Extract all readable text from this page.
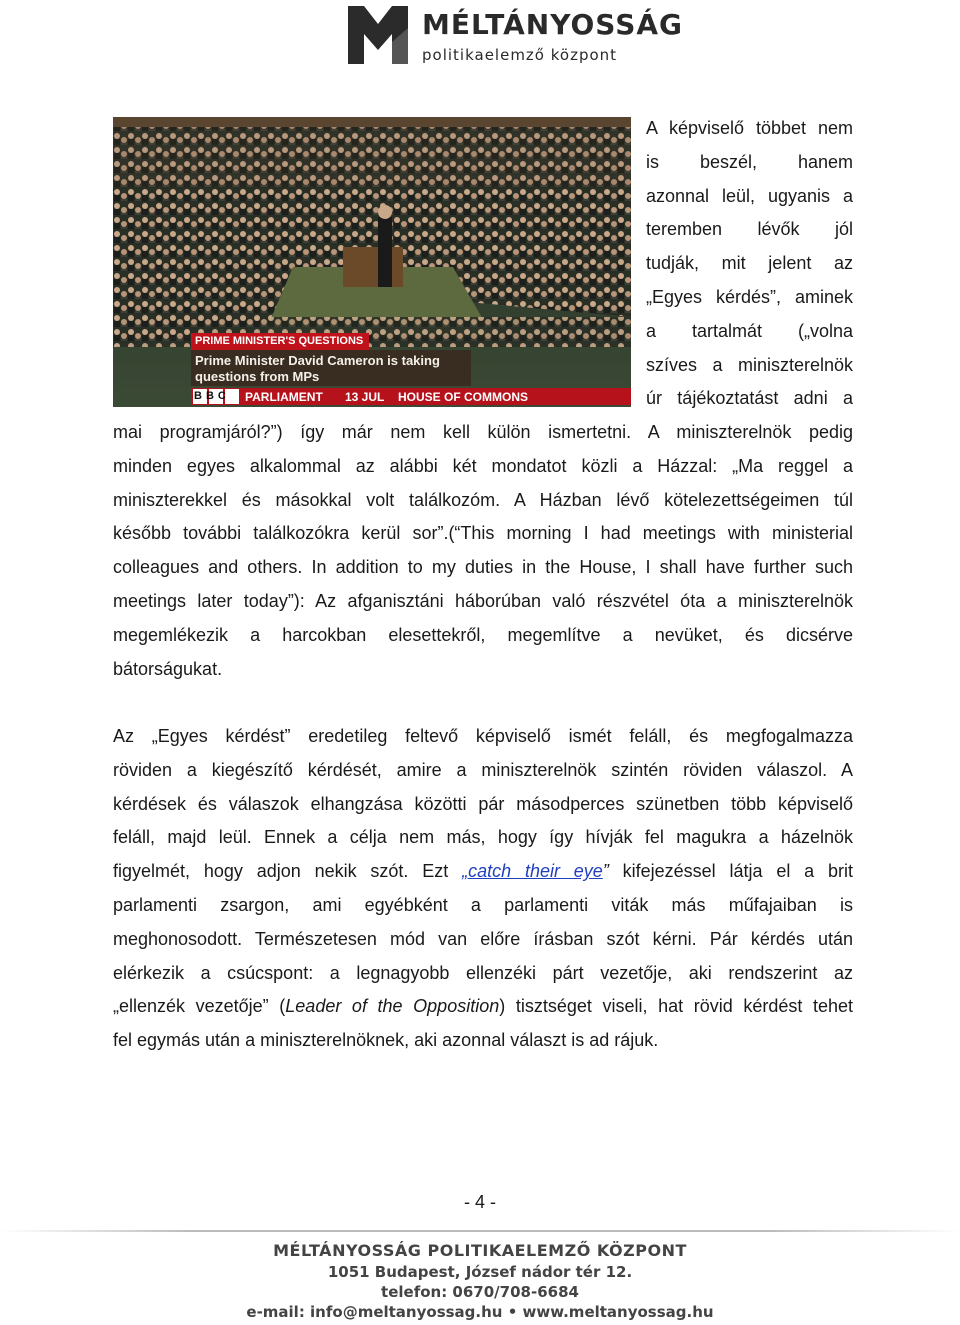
MÉLTÁNYOSSÁG
politikaelemző központ
PRIME MINISTER'S QUESTIONS
Prime Minister David Cameron is taking
questions from MPs
BBC PARLIAMENT 13 JUL HOUSE OF COMMONS
A képviselő többet nem
is beszél, hanem
azonnal leül, ugyanis a
teremben lévők jól
tudják, mit jelent az
„Egyes kérdés”, aminek
a tartalmát („volna
szíves a miniszterelnök
úr tájékoztatást adni a
mai programjáról?”) így már nem kell külön ismertetni. A miniszterelnök pedig
minden egyes alkalommal az alábbi két mondatot közli a Házzal: „Ma reggel a
miniszterekkel és másokkal volt találkozóm. A Házban lévő kötelezettségeimen túl
később további találkozókra kerül sor”.(“This morning I had meetings with ministerial
colleagues and others. In addition to my duties in the House, I shall have further such
meetings later today”): Az afganisztáni háborúban való részvétel óta a miniszterelnök
megemlékezik a harcokban elesettekről, megemlítve a nevüket, és dicsérve
bátorságukat.
Az „Egyes kérdést” eredetileg feltevő képviselő ismét feláll, és megfogalmazza
röviden a kiegészítő kérdését, amire a miniszterelnök szintén röviden válaszol. A
kérdések és válaszok elhangzása közötti pár másodperces szünetben több képviselő
feláll, majd leül. Ennek a célja nem más, hogy így hívják fel magukra a házelnök
figyelmét, hogy adjon nekik szót. Ezt „catch their eye” kifejezéssel látja el a brit
parlamenti zsargon, ami egyébként a parlamenti viták más műfajaiban is
meghonosodott. Természetesen mód van előre írásban szót kérni. Pár kérdés után
elérkezik a csúcspont: a legnagyobb ellenzéki párt vezetője, aki rendszerint az
„ellenzék vezetője” (Leader of the Opposition) tisztséget viseli, hat rövid kérdést tehet
fel egymás után a miniszterelnöknek, aki azonnal választ is ad rájuk.
- 4 -
MÉLTÁNYOSSÁG POLITIKAELEMZŐ KÖZPONT
1051 Budapest, József nádor tér 12.
telefon: 0670/708-6684
e-mail: info@meltanyossag.hu • www.meltanyossag.hu
